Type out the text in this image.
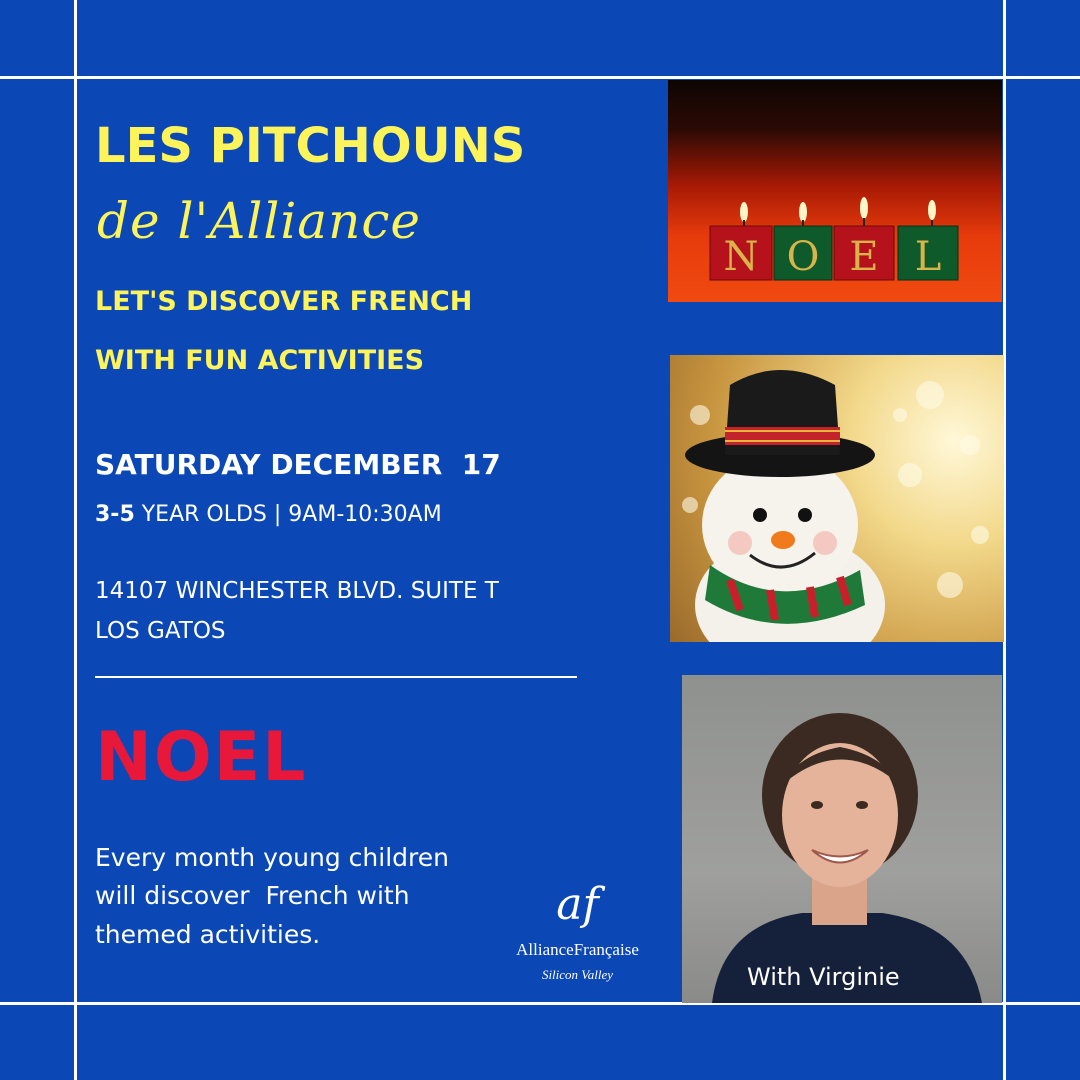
LES PITCHOUNS
de l'Alliance
LET'S DISCOVER FRENCH
WITH FUN ACTIVITIES
SATURDAY DECEMBER  17
3-5 YEAR OLDS | 9AM-10:30AM
14107 WINCHESTER BLVD. SUITE T
LOS GATOS
NOEL
Every month young children
will discover  French with
themed activities.
af
AllianceFrançaise
Silicon Valley
N O E L
With Virginie
